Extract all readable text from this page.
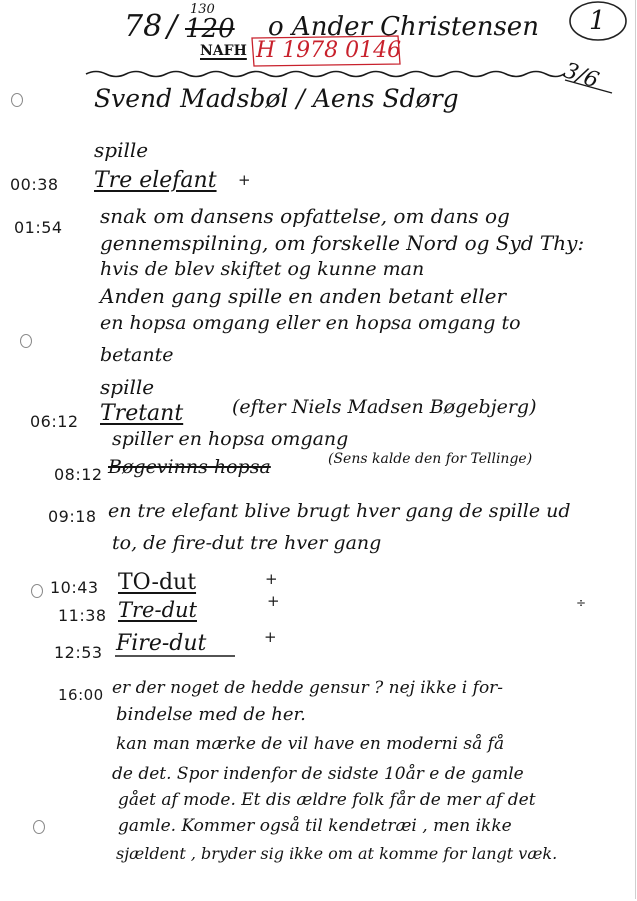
78 / 120
130
o Ander Christensen 1
NAFH H 1978 0146
3/6
Svend Madsbøl / Aens Sdørg
spille
00:38 Tre elefant +
01:54 snak om dansens opfattelse, om dans og
gennemspilning, om forskelle Nord og Syd Thy:
hvis de blev skiftet og kunne man
Anden gang spille en anden betant eller
en hopsa omgang eller en hopsa omgang to
betante
spille
06:12 Tretant	(efter Niels Madsen Bøgebjerg)
spiller en hopsa omgang
08:12 Bøgevinns hopsa	(Sens kalde den for Tellinge)
09:18 en tre elefant blive brugt hver gang de spille ud
to, de fire-dut tre hver gang
10:43 TO-dut	+
11:38 Tre-dut	+
12:53 Fire-dut	+
16:00 er der noget de hedde gensur ? nej ikke i for-
bindelse med de her.
kan man mærke de vil have en moderni så få
de det. Spor indenfor de sidste 10år e de gamle
gået af mode. Et dis ældre folk får de mer af det
gamle. Kommer også til kendetræi , men ikke
sjældent , bryder sig ikke om at komme for langt væk.
÷
